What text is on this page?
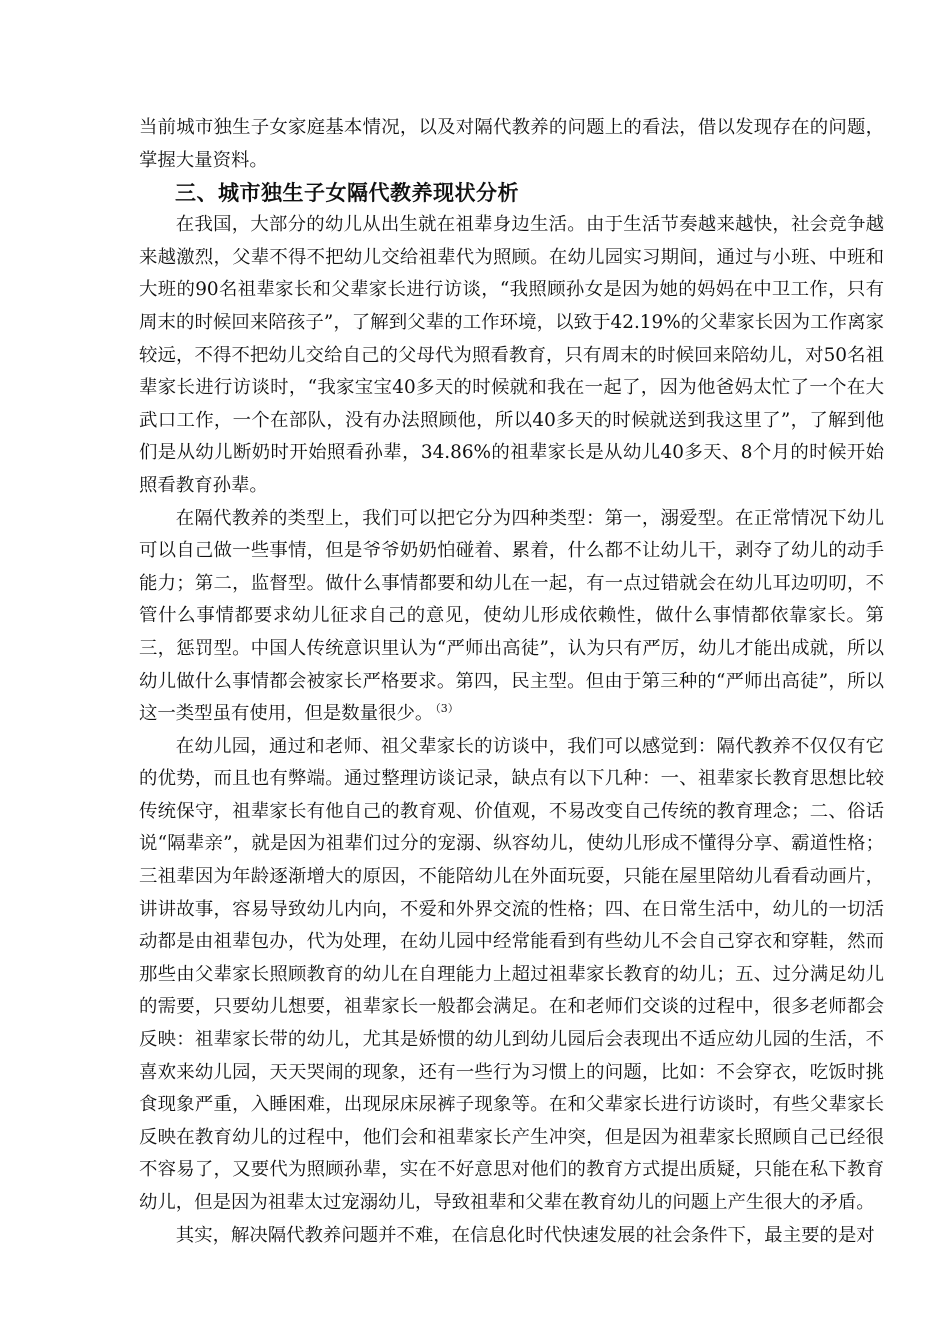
当前城市独生子女家庭基本情况，以及对隔代教养的问题上的看法，借以发现存在的问题，掌握大量资料。

三、城市独生子女隔代教养现状分析

在我国，大部分的幼儿从出生就在祖辈身边生活。由于生活节奏越来越快，社会竞争越来越激烈，父辈不得不把幼儿交给祖辈代为照顾。在幼儿园实习期间，通过与小班、中班和大班的90名祖辈家长和父辈家长进行访谈，“我照顾孙女是因为她的妈妈在中卫工作，只有周末的时候回来陪孩子”，了解到父辈的工作环境，以致于42.19%的父辈家长因为工作离家较远，不得不把幼儿交给自己的父母代为照看教育，只有周末的时候回来陪幼儿，对50名祖辈家长进行访谈时，“我家宝宝40多天的时候就和我在一起了，因为他爸妈太忙了一个在大武口工作，一个在部队，没有办法照顾他，所以40多天的时候就送到我这里了”，了解到他们是从幼儿断奶时开始照看孙辈，34.86%的祖辈家长是从幼儿40多天、8个月的时候开始照看教育孙辈。

在隔代教养的类型上，我们可以把它分为四种类型：第一，溺爱型。在正常情况下幼儿可以自己做一些事情，但是爷爷奶奶怕碰着、累着，什么都不让幼儿干，剥夺了幼儿的动手能力；第二，监督型。做什么事情都要和幼儿在一起，有一点过错就会在幼儿耳边叨叨，不管什么事情都要求幼儿征求自己的意见，使幼儿形成依赖性，做什么事情都依靠家长。第三，惩罚型。中国人传统意识里认为“严师出高徒”，认为只有严厉，幼儿才能出成就，所以幼儿做什么事情都会被家长严格要求。第四，民主型。但由于第三种的“严师出高徒”，所以这一类型虽有使用，但是数量很少。 $^{(3)}$

在幼儿园，通过和老师、祖父辈家长的访谈中，我们可以感觉到：隔代教养不仅仅有它的优势，而且也有弊端。通过整理访谈记录，缺点有以下几种：一、祖辈家长教育思想比较传统保守，祖辈家长有他自己的教育观、价值观，不易改变自己传统的教育理念；二、俗话说“隔辈亲”，就是因为祖辈们过分的宠溺、纵容幼儿，使幼儿形成不懂得分享、霸道性格；三祖辈因为年龄逐渐增大的原因，不能陪幼儿在外面玩耍，只能在屋里陪幼儿看看动画片，讲讲故事，容易导致幼儿内向，不爱和外界交流的性格；四、在日常生活中，幼儿的一切活动都是由祖辈包办，代为处理，在幼儿园中经常能看到有些幼儿不会自己穿衣和穿鞋，然而那些由父辈家长照顾教育的幼儿在自理能力上超过祖辈家长教育的幼儿；五、过分满足幼儿的需要，只要幼儿想要，祖辈家长一般都会满足。在和老师们交谈的过程中，很多老师都会反映：祖辈家长带的幼儿，尤其是娇惯的幼儿到幼儿园后会表现出不适应幼儿园的生活，不喜欢来幼儿园，天天哭闹的现象，还有一些行为习惯上的问题，比如：不会穿衣，吃饭时挑食现象严重，入睡困难，出现尿床尿裤子现象等。在和父辈家长进行访谈时，有些父辈家长反映在教育幼儿的过程中，他们会和祖辈家长产生冲突，但是因为祖辈家长照顾自己已经很不容易了，又要代为照顾孙辈，实在不好意思对他们的教育方式提出质疑，只能在私下教育幼儿，但是因为祖辈太过宠溺幼儿，导致祖辈和父辈在教育幼儿的问题上产生很大的矛盾。

其实，解决隔代教养问题并不难，在信息化时代快速发展的社会条件下，最主要的是对
